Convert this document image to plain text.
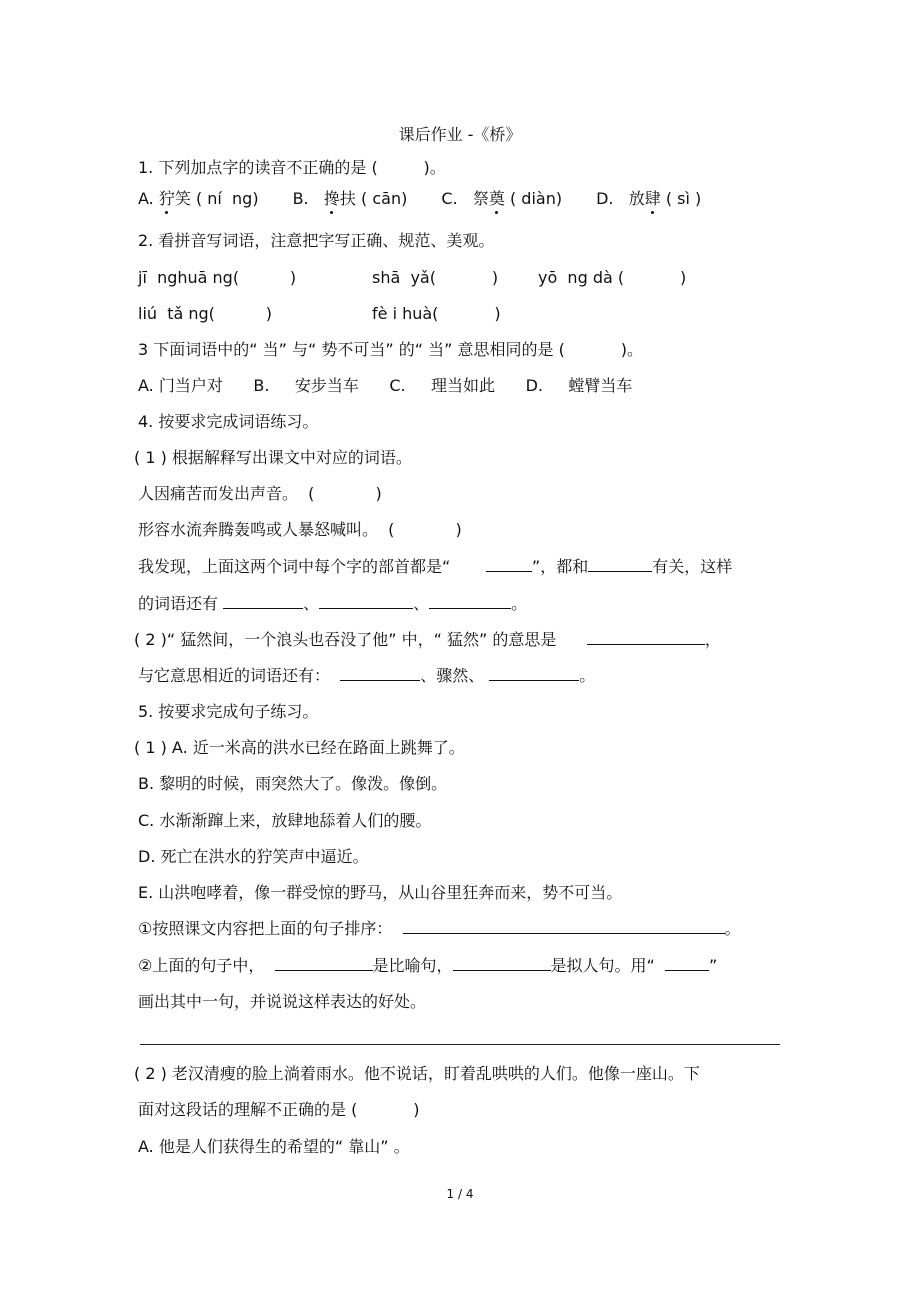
课后作业 -《桥》
1. 下列加点字的读音不正确的是 (         )。
A. 狞笑 ( ní  ng) B.   搀扶 ( cān) C.   祭奠 ( diàn) D.   放肆 ( sì )
2. 看拼音写词语，注意把字写正确、规范、美观。
jī  nghuā ng(          )	shā  yǎ(           ) yō  ng dà (           )
liú  tǎ ng(          )	fè i huà(           )
3 下面词语中的“ 当” 与“ 势不可当” 的“ 当” 意思相同的是 (           )。
A. 门当户对      B.     安步当车      C.     理当如此      D.     螳臂当车
4. 按要求完成词语练习。
( 1 ) 根据解释写出课文中对应的词语。
人因痛苦而发出声音。  (            )
形容水流奔腾轰鸣或人暴怒喊叫。  (            )
我发现，上面这两个词中每个字的部首都是“	”，都和	有关，这样
的词语还有	、	、	。
( 2 )“ 猛然间，一个浪头也吞没了他” 中，“ 猛然” 的意思是	，
与它意思相近的词语还有：	、骤然、	。
5. 按要求完成句子练习。
( 1 ) A. 近一米高的洪水已经在路面上跳舞了。
B. 黎明的时候，雨突然大了。像泼。像倒。
C. 水渐渐蹿上来，放肆地舔着人们的腰。
D. 死亡在洪水的狞笑声中逼近。
E. 山洪咆哮着，像一群受惊的野马，从山谷里狂奔而来，势不可当。
①按照课文内容把上面的句子排序：	。
②上面的句子中，	是比喻句，	是拟人句。用“	”
画出其中一句，并说说这样表达的好处。
( 2 ) 老汉清瘦的脸上淌着雨水。他不说话，盯着乱哄哄的人们。他像一座山。下
面对这段话的理解不正确的是 (           )
A. 他是人们获得生的希望的“ 靠山” 。
1 / 4
